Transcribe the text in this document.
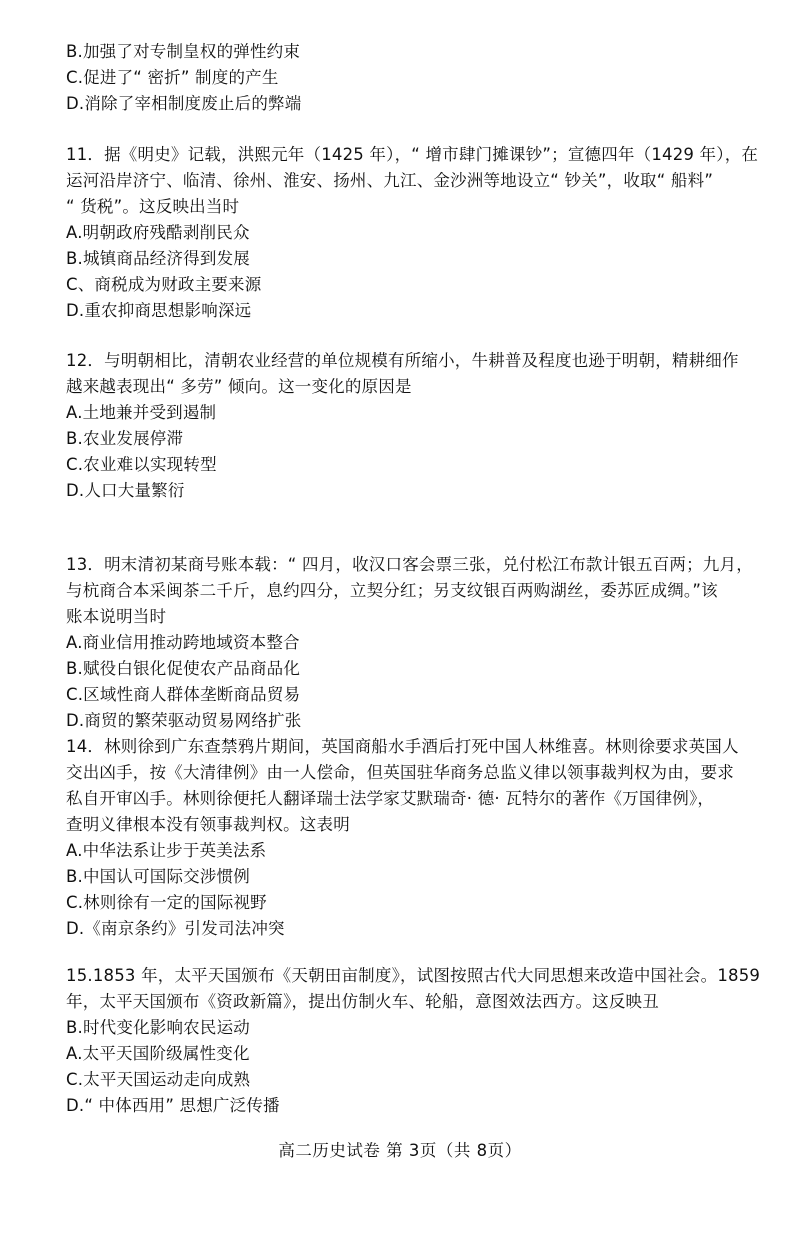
B.加强了对专制皇权的弹性约束
C.促进了“ 密折” 制度的产生
D.消除了宰相制度废止后的弊端
11．据《明史》记载，洪熙元年（1425 年），“ 增市肆门摊课钞”；宣德四年（1429 年），在
运河沿岸济宁、临清、徐州、淮安、扬州、九江、金沙洲等地设立“ 钞关”，收取“ 船料”
“ 货税”。这反映出当时
A.明朝政府残酷剥削民众
B.城镇商品经济得到发展
C、商税成为财政主要来源
D.重农抑商思想影响深远
12．与明朝相比，清朝农业经营的单位规模有所缩小，牛耕普及程度也逊于明朝，精耕细作
越来越表现出“ 多劳” 倾向。这一变化的原因是
A.土地兼并受到遏制
B.农业发展停滞
C.农业难以实现转型
D.人口大量繁衍
13．明末清初某商号账本载：“ 四月，收汉口客会票三张，兑付松江布款计银五百两；九月，
与杭商合本采闽茶二千斤，息约四分，立契分红；另支纹银百两购湖丝，委苏匠成绸。”该
账本说明当时
A.商业信用推动跨地域资本整合
B.赋役白银化促使农产品商品化
C.区域性商人群体垄断商品贸易
D.商贸的繁荣驱动贸易网络扩张
14．林则徐到广东查禁鸦片期间，英国商船水手酒后打死中国人林维喜。林则徐要求英国人
交出凶手，按《大清律例》由一人偿命，但英国驻华商务总监义律以领事裁判权为由，要求
私自开审凶手。林则徐便托人翻译瑞士法学家艾默瑞奇· 德· 瓦特尔的著作《万国律例》，
查明义律根本没有领事裁判权。这表明
A.中华法系让步于英美法系
B.中国认可国际交涉惯例
C.林则徐有一定的国际视野
D.《南京条约》引发司法冲突
15.1853 年，太平天国颁布《天朝田亩制度》，试图按照古代大同思想来改造中国社会。1859
年，太平天国颁布《资政新篇》，提出仿制火车、轮船，意图效法西方。这反映丑
B.时代变化影响农民运动
A.太平天国阶级属性变化
C.太平天国运动走向成熟
D.“ 中体西用” 思想广泛传播
高二历史试卷 第 3页（共 8页）
